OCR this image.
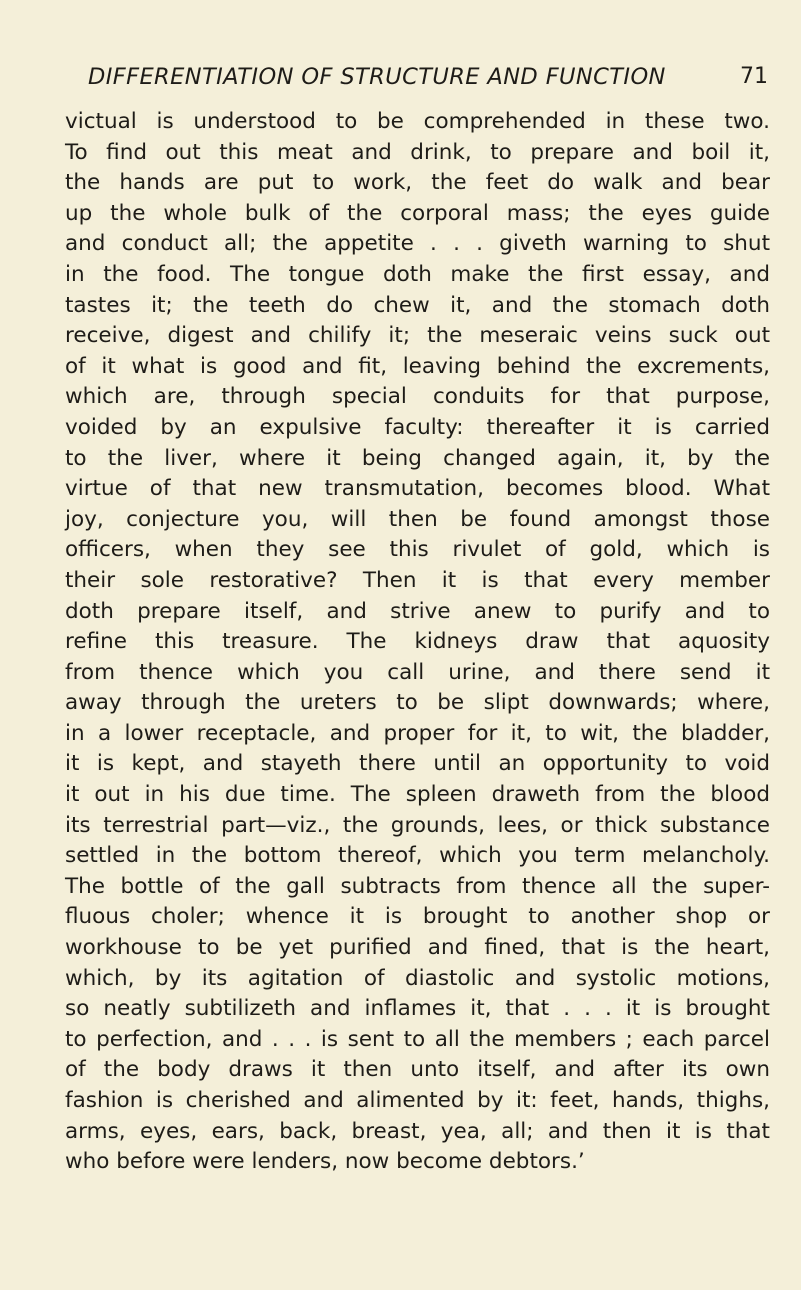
DIFFERENTIATION OF STRUCTURE AND FUNCTION	71
victual is understood to be comprehended in these two.
To find out this meat and drink, to prepare and boil it,
the hands are put to work, the feet do walk and bear
up the whole bulk of the corporal mass; the eyes guide
and conduct all; the appetite . . . giveth warning to shut
in the food. The tongue doth make the first essay, and
tastes it; the teeth do chew it, and the stomach doth
receive, digest and chilify it; the meseraic veins suck out
of it what is good and fit, leaving behind the excrements,
which are, through special conduits for that purpose,
voided by an expulsive faculty: thereafter it is carried
to the liver, where it being changed again, it, by the
virtue of that new transmutation, becomes blood. What
joy, conjecture you, will then be found amongst those
officers, when they see this rivulet of gold, which is
their sole restorative? Then it is that every member
doth prepare itself, and strive anew to purify and to
refine this treasure. The kidneys draw that aquosity
from thence which you call urine, and there send it
away through the ureters to be slipt downwards; where,
in a lower receptacle, and proper for it, to wit, the bladder,
it is kept, and stayeth there until an opportunity to void
it out in his due time. The spleen draweth from the blood
its terrestrial part—viz., the grounds, lees, or thick substance
settled in the bottom thereof, which you term melancholy.
The bottle of the gall subtracts from thence all the super-
fluous choler; whence it is brought to another shop or
workhouse to be yet purified and fined, that is the heart,
which, by its agitation of diastolic and systolic motions,
so neatly subtilizeth and inflames it, that . . . it is brought
to perfection, and . . . is sent to all the members ; each parcel
of the body draws it then unto itself, and after its own
fashion is cherished and alimented by it: feet, hands, thighs,
arms, eyes, ears, back, breast, yea, all; and then it is that
who before were lenders, now become debtors.’
